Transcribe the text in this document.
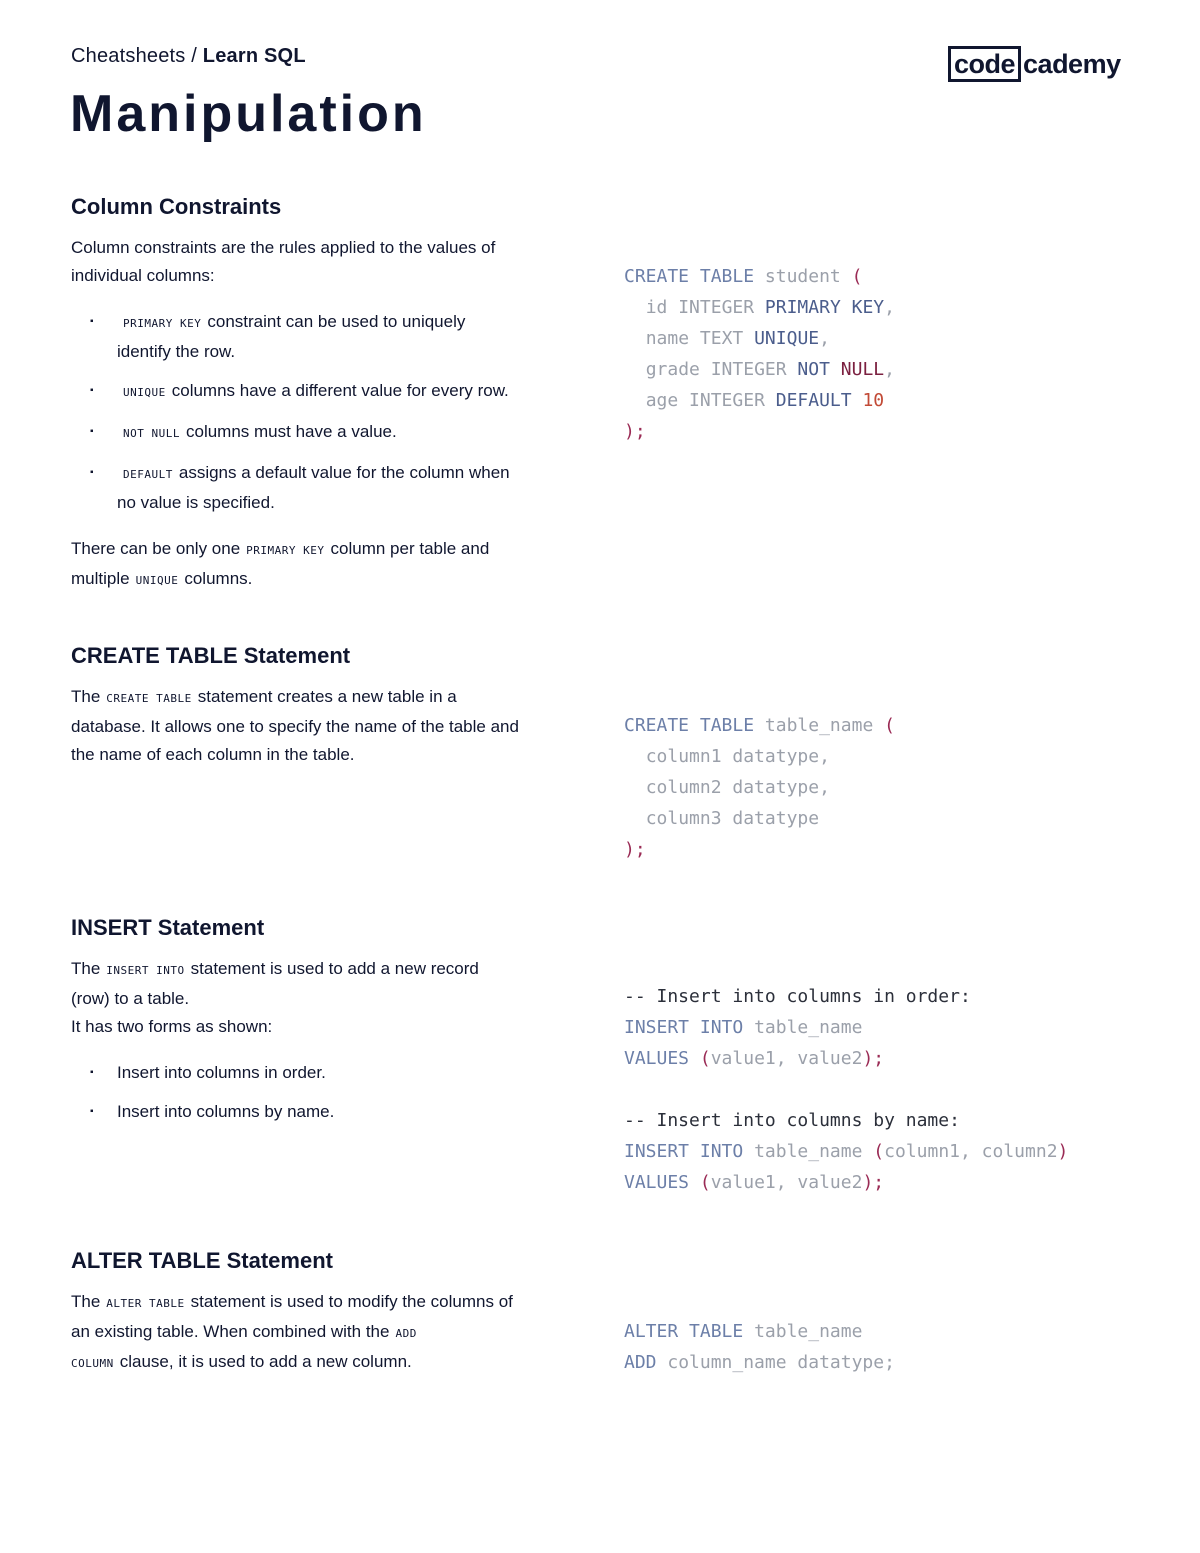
Cheatsheets / Learn SQL	code cademy
Manipulation
Column Constraints

Column constraints are the rules applied to the values of individual columns:

▪ PRIMARY KEY constraint can be used to uniquely identify the row.
▪ UNIQUE columns have a different value for every row.
▪ NOT NULL columns must have a value.
▪ DEFAULT assigns a default value for the column when no value is specified.

There can be only one PRIMARY KEY column per table and multiple UNIQUE columns.

CREATE TABLE student (
id INTEGER PRIMARY KEY,
name TEXT UNIQUE,
grade INTEGER NOT NULL,
age INTEGER DEFAULT 10
);
CREATE TABLE Statement

The CREATE TABLE statement creates a new table in a database. It allows one to specify the name of the table and the name of each column in the table.

CREATE TABLE table_name (
column1 datatype,
column2 datatype,
column3 datatype
);
INSERT Statement

The INSERT INTO statement is used to add a new record (row) to a table.

It has two forms as shown:

▪ Insert into columns in order.
▪ Insert into columns by name.
-- Insert into columns in order:
INSERT INTO table_name
VALUES (value1, value2);

-- Insert into columns by name:
INSERT INTO table_name (column1, column2)
VALUES (value1, value2);
ALTER TABLE Statement

The ALTER TABLE statement is used to modify the columns of an existing table. When combined with the ADD COLUMN clause, it is used to add a new column.

ALTER TABLE table_name
ADD column_name datatype;
